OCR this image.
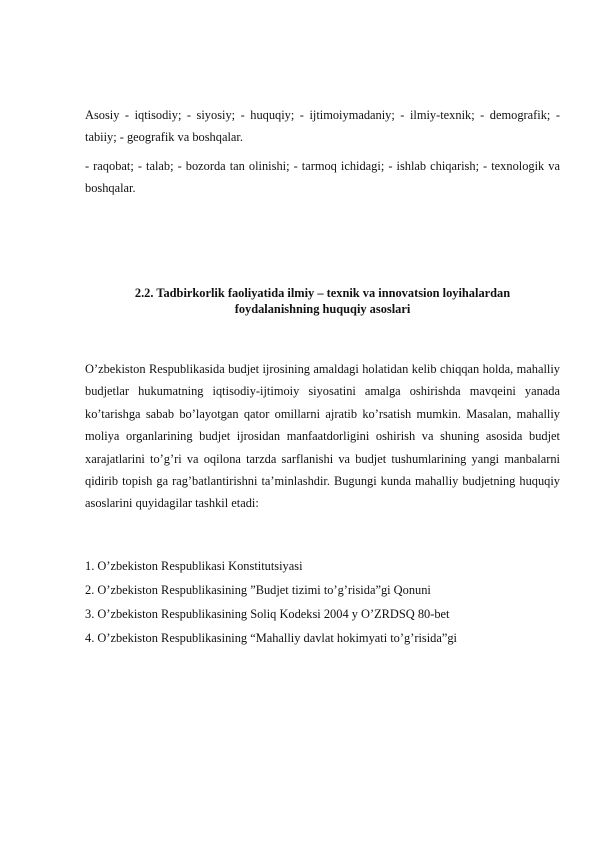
Asosiy - iqtisodiy; - siyosiy; - huquqiy; - ijtimoiymadaniy; - ilmiy-texnik; - demografik; - tabiiy; - geografik va boshqalar.

- raqobat; - talab; - bozorda tan olinishi; - tarmoq ichidagi; - ishlab chiqarish; - texnologik va boshqalar.

2.2. Tadbirkorlik faoliyatida ilmiy – texnik va innovatsion loyihalardan
foydalanishning huquqiy asoslari

O’zbekiston Respublikasida budjet ijrosining amaldagi holatidan kelib chiqqan holda, mahalliy budjetlar hukumatning iqtisodiy-ijtimoiy siyosatini amalga oshirishda mavqeini yanada ko’tarishga sabab bo’layotgan qator omillarni ajratib ko’rsatish mumkin. Masalan, mahalliy moliya organlarining budjet ijrosidan manfaatdorligini oshirish va shuning asosida budjet xarajatlarini to’g’ri va oqilona tarzda sarflanishi va budjet tushumlarining yangi manbalarni qidirib topish ga rag’batlantirishni ta’minlashdir. Bugungi kunda mahalliy budjetning huquqiy asoslarini quyidagilar tashkil etadi:

1. O’zbekiston Respublikasi Konstitutsiyasi
2. O’zbekiston Respublikasining ”Budjet tizimi to’g’risida”gi Qonuni
3. O’zbekiston Respublikasining Soliq Kodeksi 2004 y O’ZRDSQ 80-bet
4. O’zbekiston Respublikasining “Mahalliy davlat hokimyati to’g’risida”gi
